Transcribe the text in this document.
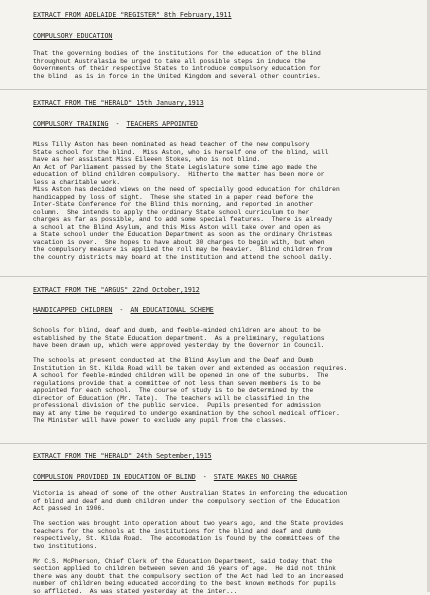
EXTRACT FROM ADELAIDE "REGISTER" 8th February,1911
COMPULSORY EDUCATION
That the governing bodies of the institutions for the education of the blind
throughout Australasia be urged to take all possible steps in induce the
Governments of their respective States to introduce compulsory education for
the blind  as is in force in the United Kingdom and several other countries.
EXTRACT FROM THE "HERALD" 15th January,1913
COMPULSORY TRAINING - TEACHERS APPOINTED
Miss Tilly Aston has been nominated as head teacher of the new compulsory
State school for the blind.  Miss Aston, who is herself one of the blind, will
have as her assistant Miss Eileeen Stokes, who is not blind.
An Act of Parliament passed by the State Legislature some time ago made the
education of blind children compulsory.  Hitherto the matter has been more or
less a charitable work.
Miss Aston has decided views on the need of specially good education for children
handicapped by loss of sight.  These she stated in a paper read before the
Inter-State Conference for the Blind this morning, and reported in another
column.  She intends to apply the ordinary State school curriculum to her
charges as far as possible, and to add some special features.  There is already
a school at the Blind Asylum, and this Miss Aston will take over and open as
a State school under the Education Department as soon as the ordinary Christmas
vacation is over.  She hopes to have about 30 charges to begin with, but when
the compulsory measure is applied the roll may be heavier.  Blind children from
the country districts may board at the institution and attend the school daily.
EXTRACT FROM THE "ARGUS" 22nd October,1912
HANDICAPPED CHILDREN - AN EDUCATIONAL SCHEME
Schools for blind, deaf and dumb, and feeble-minded children are about to be
established by the State Education department.  As a preliminary, regulations
have been drawn up, which were approved yesterday by the Governor in Council.

The schools at present conducted at the Blind Asylum and the Deaf and Dumb
Institution in St. Kilda Road will be taken over and extended as occasion requires.
A school for feeble-minded children will be opened in one of the suburbs.  The
regulations provide that a committee of not less than seven members is to be
appointed for each school.  The course of study is to be determined by the
director of Education (Mr. Tate).  The teachers will be classified in the
professional division of the public service.  Pupils presented for admission
may at any time be required to undergo examination by the school medical officer.
The Minister will have power to exclude any pupil from the classes.
EXTRACT FROM THE "HERALD" 24th September,1915
COMPULSION PROVIDED IN EDUCATION OF BLIND - STATE MAKES NO CHARGE
Victoria is ahead of some of the other Australian States in enforcing the education
of blind and deaf and dumb children under the compulsory section of the Education
Act passed in 1906.

The section was brought into operation about two years ago, and the State provides
teachers for the schools at the institutions for the blind and deaf and dumb
respectively, St. Kilda Road.  The accomodation is found by the committees of the
two institutions.

Mr C.S. McPherson, Chief Clerk of the Education Department, said today that the
section applied to children between seven and 16 years of age.  He did not think
there was any doubt that the compulsory section of the Act had led to an increased
number of children being educated according to the best known methods for pupils
so afflicted.  As was stated yesterday at the inter...
